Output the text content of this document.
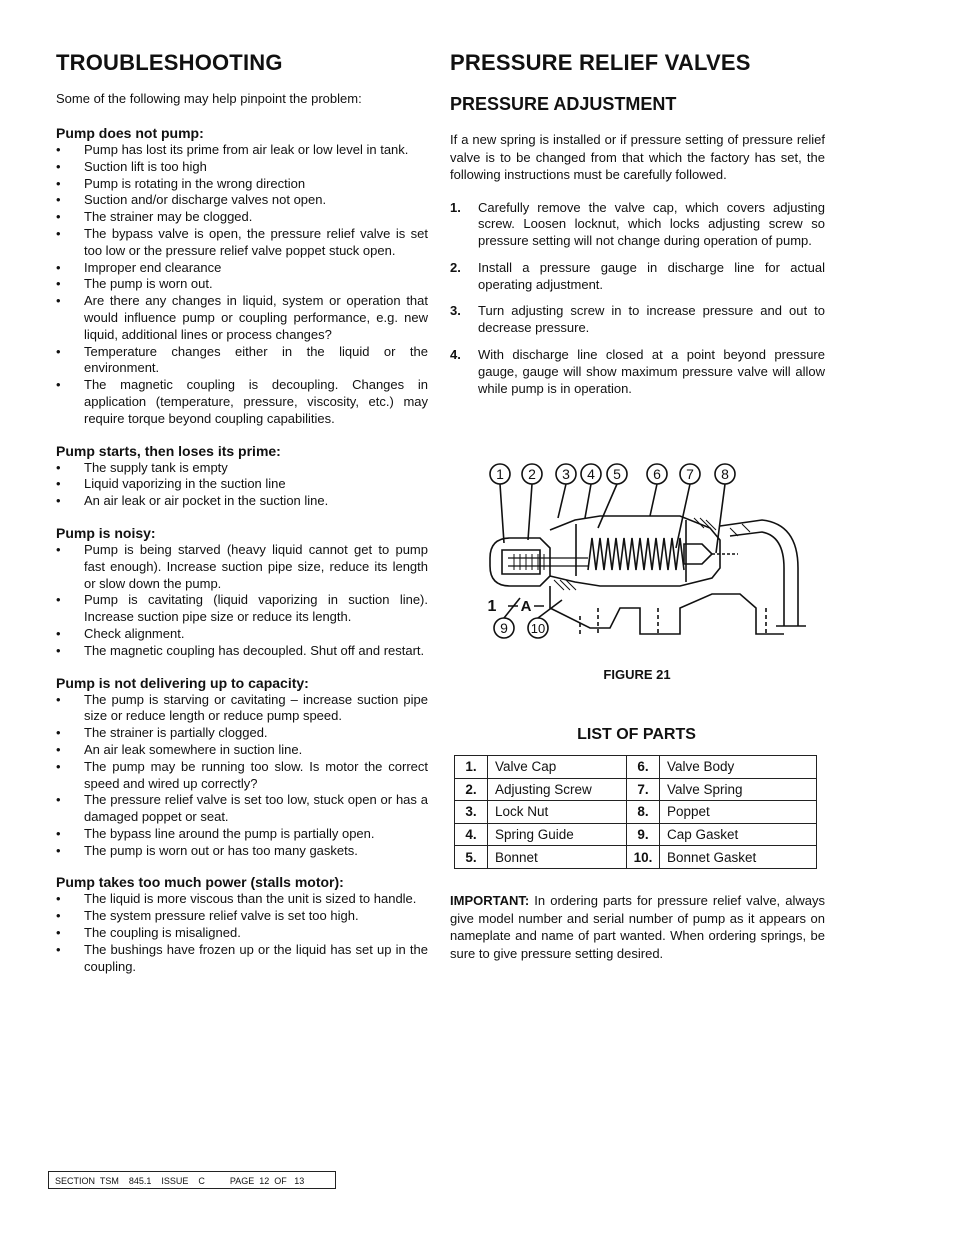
TROUBLESHOOTING

Some of the following may help pinpoint the problem:

Pump does not pump:
• Pump has lost its prime from air leak or low level in tank.
• Suction lift is too high
• Pump is rotating in the wrong direction
• Suction and/or discharge valves not open.
• The strainer may be clogged.
• The bypass valve is open, the pressure relief valve is set too low or the pressure relief valve poppet stuck open.
• Improper end clearance
• The pump is worn out.
• Are there any changes in liquid, system or operation that would influence pump or coupling performance, e.g. new liquid, additional lines or process changes?
• Temperature changes either in the liquid or the environment.
• The magnetic coupling is decoupling. Changes in application (temperature, pressure, viscosity, etc.) may require torque beyond coupling capabilities.
Pump starts, then loses its prime:
• The supply tank is empty
• Liquid vaporizing in the suction line
• An air leak or air pocket in the suction line.
Pump is noisy:
• Pump is being starved (heavy liquid cannot get to pump fast enough). Increase suction pipe size, reduce its length or slow down the pump.
• Pump is cavitating (liquid vaporizing in suction line). Increase suction pipe size or reduce its length.
• Check alignment.
• The magnetic coupling has decoupled. Shut off and restart.
Pump is not delivering up to capacity:
• The pump is starving or cavitating – increase suction pipe size or reduce length or reduce pump speed.
• The strainer is partially clogged.
• An air leak somewhere in suction line.
• The pump may be running too slow. Is motor the correct speed and wired up correctly?
• The pressure relief valve is set too low, stuck open or has a damaged poppet or seat.
• The bypass line around the pump is partially open.
• The pump is worn out or has too many gaskets.
Pump takes too much power (stalls motor):
• The liquid is more viscous than the unit is sized to handle.
• The system pressure relief valve is set too high.
• The coupling is misaligned.
• The bushings have frozen up or the liquid has set up in the coupling.
PRESSURE RELIEF VALVES
PRESSURE ADJUSTMENT

If a new spring is installed or if pressure setting of pressure relief valve is to be changed from that which the factory has set, the following instructions must be carefully followed.

1. Carefully remove the valve cap, which covers adjusting screw. Loosen locknut, which locks adjusting screw so pressure setting will not change during operation of pump.
2. Install a pressure gauge in discharge line for actual operating adjustment.
3. Turn adjusting screw in to increase pressure and out to decrease pressure.
4. With discharge line closed at a point beyond pressure gauge, gauge will show maximum pressure valve will allow while pump is in operation.
1 2 3 4 5 6 7 8
9 10
1 A
FIGURE 21
LIST OF PARTS
1.	Valve Cap	6.	Valve Body
2.	Adjusting Screw	7.	Valve Spring
3.	Lock Nut	8.	Poppet
4.	Spring Guide	9.	Cap Gasket
5.	Bonnet	10.	Bonnet Gasket
IMPORTANT: In ordering parts for pressure relief valve, always give model number and serial number of pump as it appears on nameplate and name of part wanted. When ordering springs, be sure to give pressure setting desired.
SECTION  TSM    845.1    ISSUE    C          PAGE  12  OF   13
